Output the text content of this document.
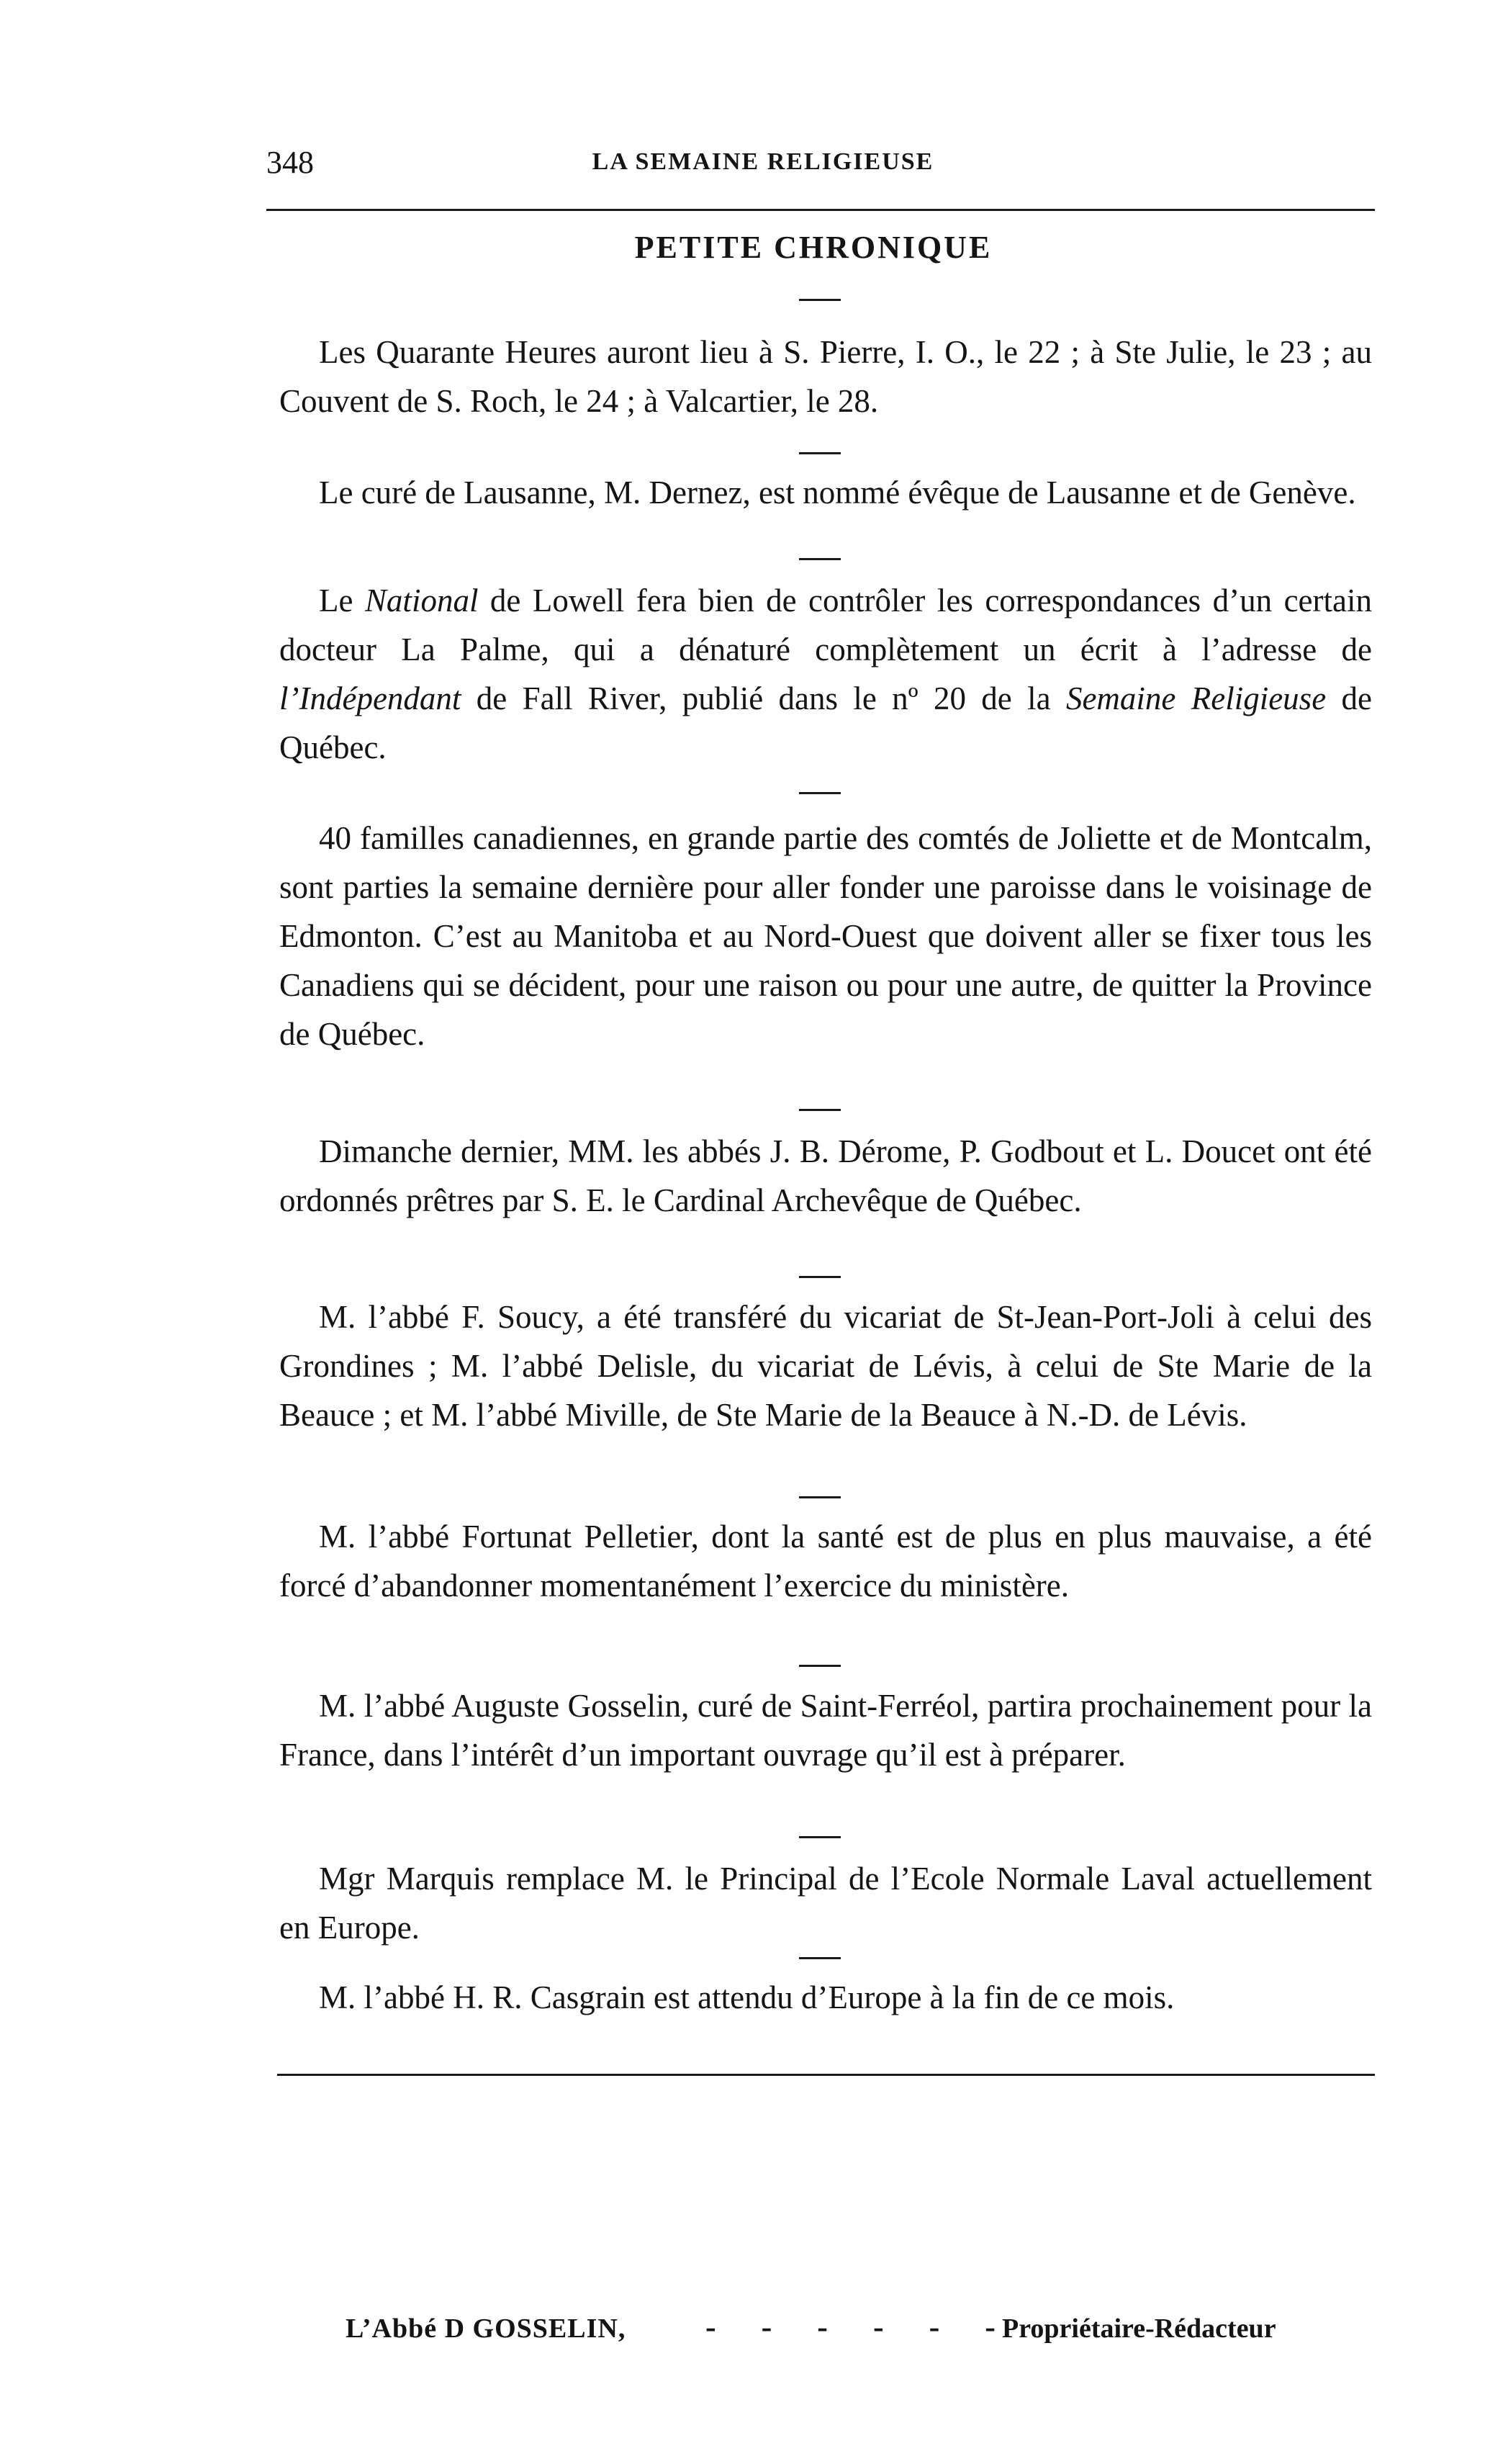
348	LA SEMAINE RELIGIEUSE
PETITE CHRONIQUE

Les Quarante Heures auront lieu à S. Pierre, I. O., le 22 ; à Ste Julie, le 23 ; au Couvent de S. Roch, le 24 ; à Valcartier, le 28.

Le curé de Lausanne, M. Dernez, est nommé évêque de Lausanne et de Genève.

Le National de Lowell fera bien de contrôler les correspondances d’un certain docteur La Palme, qui a dénaturé complètement un écrit à l’adresse de l’Indépendant de Fall River, publié dans le nº 20 de la Semaine Religieuse de Québec.

40 familles canadiennes, en grande partie des comtés de Joliette et de Montcalm, sont parties la semaine dernière pour aller fonder une paroisse dans le voisinage de Edmonton. C’est au Manitoba et au Nord-Ouest que doivent aller se fixer tous les Canadiens qui se décident, pour une raison ou pour une autre, de quitter la Province de Québec.

Dimanche dernier, MM. les abbés J. B. Dérome, P. Godbout et L. Doucet ont été ordonnés prêtres par S. E. le Cardinal Archevêque de Québec.

M. l’abbé F. Soucy, a été transféré du vicariat de St-Jean-Port-Joli à celui des Grondines ; M. l’abbé Delisle, du vicariat de Lévis, à celui de Ste Marie de la Beauce ; et M. l’abbé Miville, de Ste Marie de la Beauce à N.-D. de Lévis.

M. l’abbé Fortunat Pelletier, dont la santé est de plus en plus mauvaise, a été forcé d’abandonner momentanément l’exercice du ministère.

M. l’abbé Auguste Gosselin, curé de Saint-Ferréol, partira prochainement pour la France, dans l’intérêt d’un important ouvrage qu’il est à préparer.

Mgr Marquis remplace M. le Principal de l’Ecole Normale Laval actuellement en Europe.

M. l’abbé H. R. Casgrain est attendu d’Europe à la fin de ce mois.

L’Abbé D GOSSELIN,	- - - - - -
Propriétaire-Rédacteur
